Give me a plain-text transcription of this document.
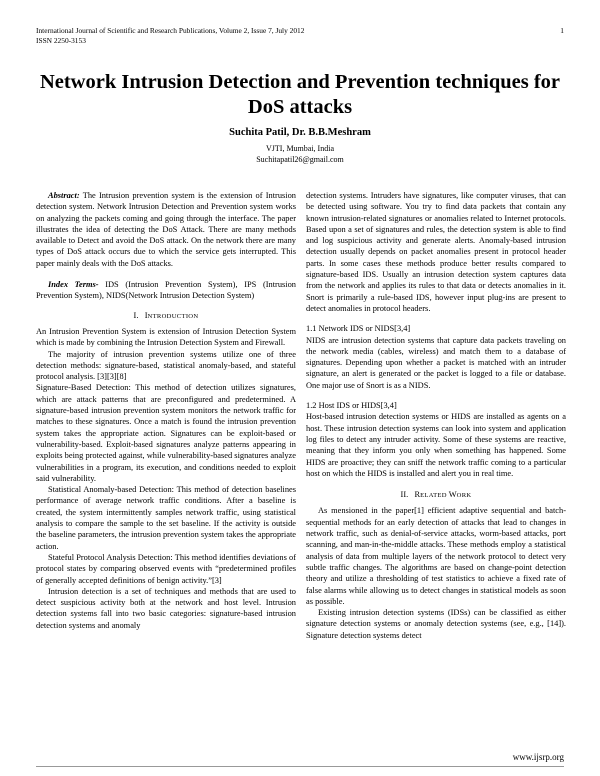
International Journal of Scientific and Research Publications, Volume 2, Issue 7, July 2012
ISSN 2250-3153
1
Network Intrusion Detection and Prevention techniques for DoS attacks
Suchita Patil, Dr. B.B.Meshram
VJTI, Mumbai, India
Suchitapatil26@gmail.com

Abstract: The Intrusion prevention system is the extension of Intrusion detection system. Network Intrusion Detection and Prevention system works on analyzing the packets coming and going through the interface. The paper illustrates the idea of detecting the DoS Attack. There are many methods available to Detect and avoid the DoS attack. On the network there are many types of DoS attack occurs due to which the service gets interrupted. This paper mainly deals with the DoS attacks.

Index Terms- IDS (Intrusion Prevention System), IPS (Intrusion Prevention System), NIDS(Network Intrusion Detection System)

I. INTRODUCTION

An Intrusion Prevention System is extension of Intrusion Detection System which is made by combining the Intrusion Detection System and Firewall.

The majority of intrusion prevention systems utilize one of three detection methods: signature-based, statistical anomaly-based, and stateful protocol analysis. [3][3][8]

Signature-Based Detection: This method of detection utilizes signatures, which are attack patterns that are preconfigured and predetermined. A signature-based intrusion prevention system monitors the network traffic for matches to these signatures. Once a match is found the intrusion prevention system takes the appropriate action. Signatures can be exploit-based or vulnerability-based. Exploit-based signatures analyze patterns appearing in exploits being protected against, while vulnerability-based signatures analyze vulnerabilities in a program, its execution, and conditions needed to exploit said vulnerability.

Statistical Anomaly-based Detection: This method of detection baselines performance of average network traffic conditions. After a baseline is created, the system intermittently samples network traffic, using statistical analysis to compare the sample to the set baseline. If the activity is outside the baseline parameters, the intrusion prevention system takes the appropriate action.

Stateful Protocol Analysis Detection: This method identifies deviations of protocol states by comparing observed events with “predetermined profiles of generally accepted definitions of benign activity.”[3]

Intrusion detection is a set of techniques and methods that are used to detect suspicious activity both at the network and host level. Intrusion detection systems fall into two basic categories: signature-based intrusion detection systems and anomaly

detection systems. Intruders have signatures, like computer viruses, that can be detected using software. You try to find data packets that contain any known intrusion-related signatures or anomalies related to Internet protocols. Based upon a set of signatures and rules, the detection system is able to find and log suspicious activity and generate alerts. Anomaly-based intrusion detection usually depends on packet anomalies present in protocol header parts. In some cases these methods produce better results compared to signature-based IDS. Usually an intrusion detection system captures data from the network and applies its rules to that data or detects anomalies in it. Snort is primarily a rule-based IDS, however input plug-ins are present to detect anomalies in protocol headers.

1.1 Network IDS or NIDS[3,4]

NIDS are intrusion detection systems that capture data packets traveling on the network media (cables, wireless) and match them to a database of signatures. Depending upon whether a packet is matched with an intruder signature, an alert is generated or the packet is logged to a file or database. One major use of Snort is as a NIDS.

1.2 Host IDS or HIDS[3,4]

Host-based intrusion detection systems or HIDS are installed as agents on a host. These intrusion detection systems can look into system and application log files to detect any intruder activity. Some of these systems are reactive, meaning that they inform you only when something has happened. Some HIDS are proactive; they can sniff the network traffic coming to a particular host on which the HIDS is installed and alert you in real time.

II. RELATED WORK

As mensioned in the paper[1] efficient adaptive sequential and batch-sequential methods for an early detection of attacks that lead to changes in network traffic, such as denial-of-service attacks, worm-based attacks, port scanning, and man-in-the-middle attacks. These methods employ a statistical analysis of data from multiple layers of the network protocol to detect very subtle traffic changes. The algorithms are based on change-point detection theory and utilize a thresholding of test statistics to achieve a fixed rate of false alarms while allowing us to detect changes in statistical models as soon as possible.

Existing intrusion detection systems (IDSs) can be classified as either signature detection systems or anomaly detection systems (see, e.g., [14]). Signature detection systems detect

www.ijsrp.org
